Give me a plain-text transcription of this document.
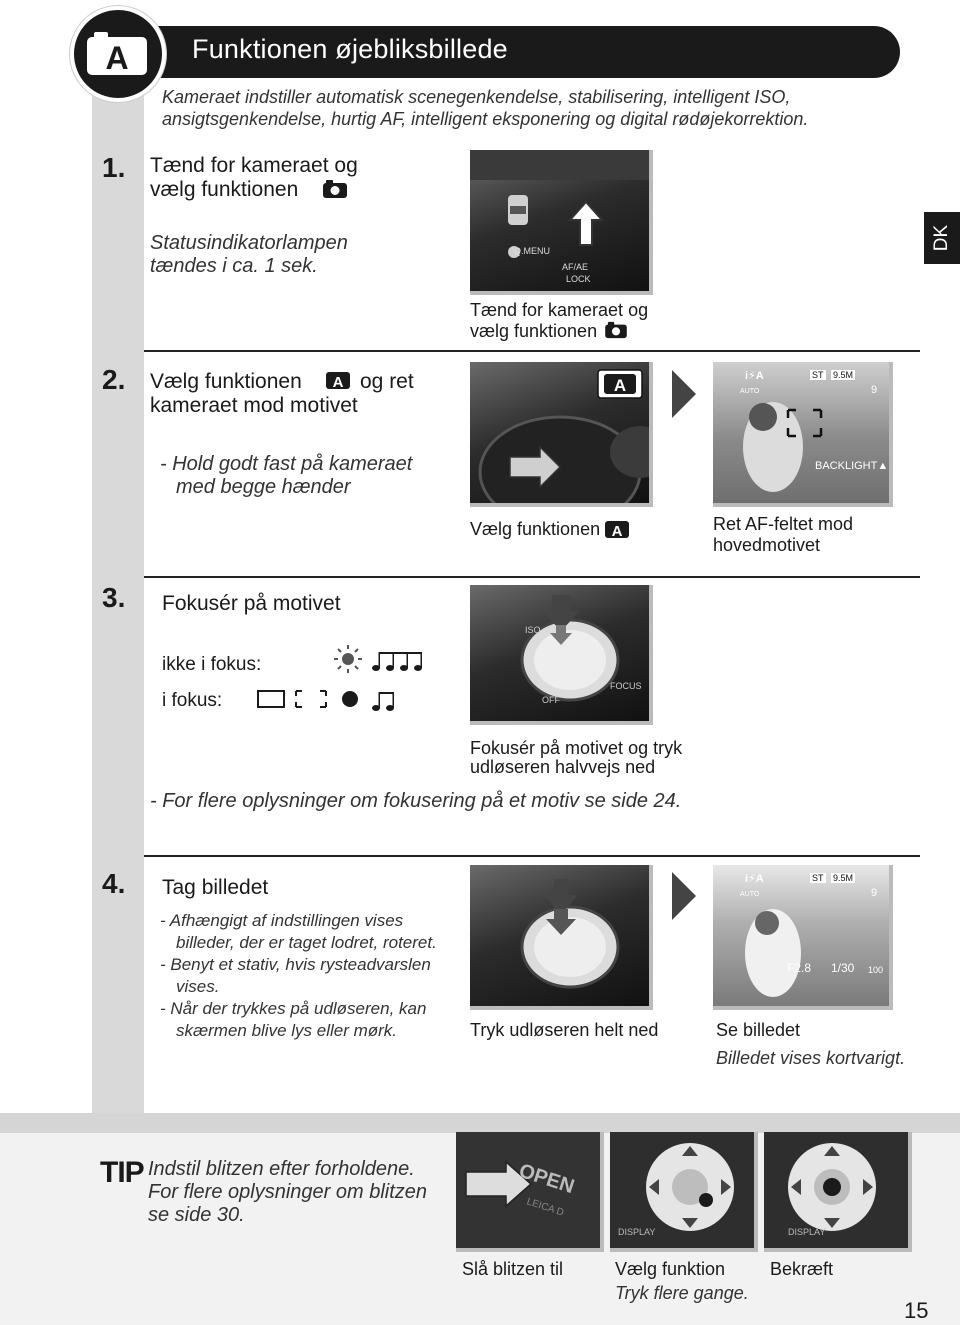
Funktionen øjebliksbillede
A
Kameraet indstiller automatisk scenegenkendelse, stabilisering, intelligent ISO, ansigtsgenkendelse, hurtig AF, intelligent eksponering og digital rødøjekorrektion.
DK
1. Tænd for kameraet og
vælg funktionen
Statusindikatorlampen
tændes i ca. 1 sek.
Q.MENU
AF/AE
LOCK
Tænd for kameraet og
vælg funktionen
2. Vælg funktionen A og ret
kameraet mod motivet
- Hold godt fast på kameraet
med begge hænder
A
Vælg funktionen A
i⚡A	ST 9.5M
9
AUTO
BACKLIGHT▲
Ret AF-feltet mod
hovedmotivet
3. Fokusér på motivet
ikke i fokus:
i fokus:
ISO
FOCUS
OFF
Fokusér på motivet og tryk
udløseren halvvejs ned
- For flere oplysninger om fokusering på et motiv se side 24.
4. Tag billedet
- Afhængigt af indstillingen vises billeder, der er taget lodret, roteret.
- Benyt et stativ, hvis rysteadvarslen vises.
- Når der trykkes på udløseren, kan skærmen blive lys eller mørk.	Tryk udløseren helt ned
i⚡A	ST 9.5M
9
AUTO
F2.8 1/30 100
Se billedet
Billedet vises kortvarigt.
TIP Indstil blitzen efter forholdene. For flere oplysninger om blitzen se side 30.
OPEN
LEICA D
DISPLAY	DISPLAY
Slå blitzen til	Vælg funktion
Tryk flere gange.
Bekræft
15
